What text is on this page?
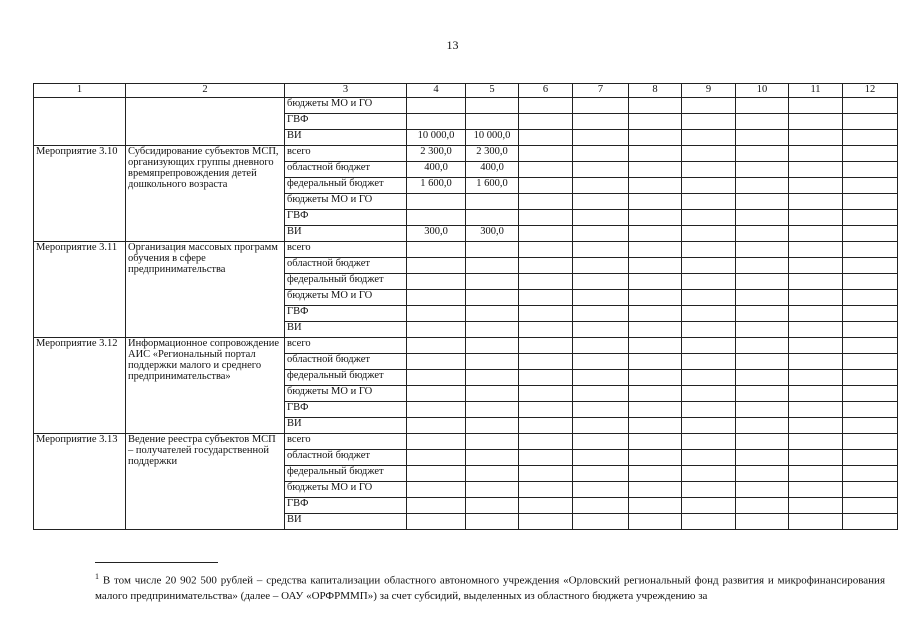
13
1	2	3	4	5	6	7	8	9	10	11	12
		бюджеты МО и ГО									
		ГВФ									
		ВИ	10 000,0	10 000,0							
Мероприятие 3.10	Субсидирование субъектов МСП, организующих группы дневного времяпрепровождения детей дошкольного возраста	всего	2 300,0	2 300,0							
		областной бюджет	400,0	400,0							
		федеральный бюджет	1 600,0	1 600,0							
		бюджеты МО и ГО									
		ГВФ									
		ВИ	300,0	300,0							
Мероприятие 3.11	Организация массовых программ обучения в сфере предпринимательства	всего									
		областной бюджет									
		федеральный бюджет									
		бюджеты МО и ГО									
		ГВФ									
		ВИ									
Мероприятие 3.12	Информационное сопровождение АИС «Региональный портал поддержки малого и среднего предпринимательства»	всего									
		областной бюджет									
		федеральный бюджет									
		бюджеты МО и ГО									
		ГВФ									
		ВИ									
Мероприятие 3.13	Ведение реестра субъектов МСП – получателей государственной поддержки	всего									
		областной бюджет									
		федеральный бюджет									
		бюджеты МО и ГО									
		ГВФ									
		ВИ									
$^1$ В том числе 20 902 500 рублей – средства капитализации областного автономного учреждения «Орловский региональный фонд развития и микрофинансирования малого предпринимательства» (далее – ОАУ «ОРФРММП») за счет субсидий, выделенных из областного бюджета учреждению за
